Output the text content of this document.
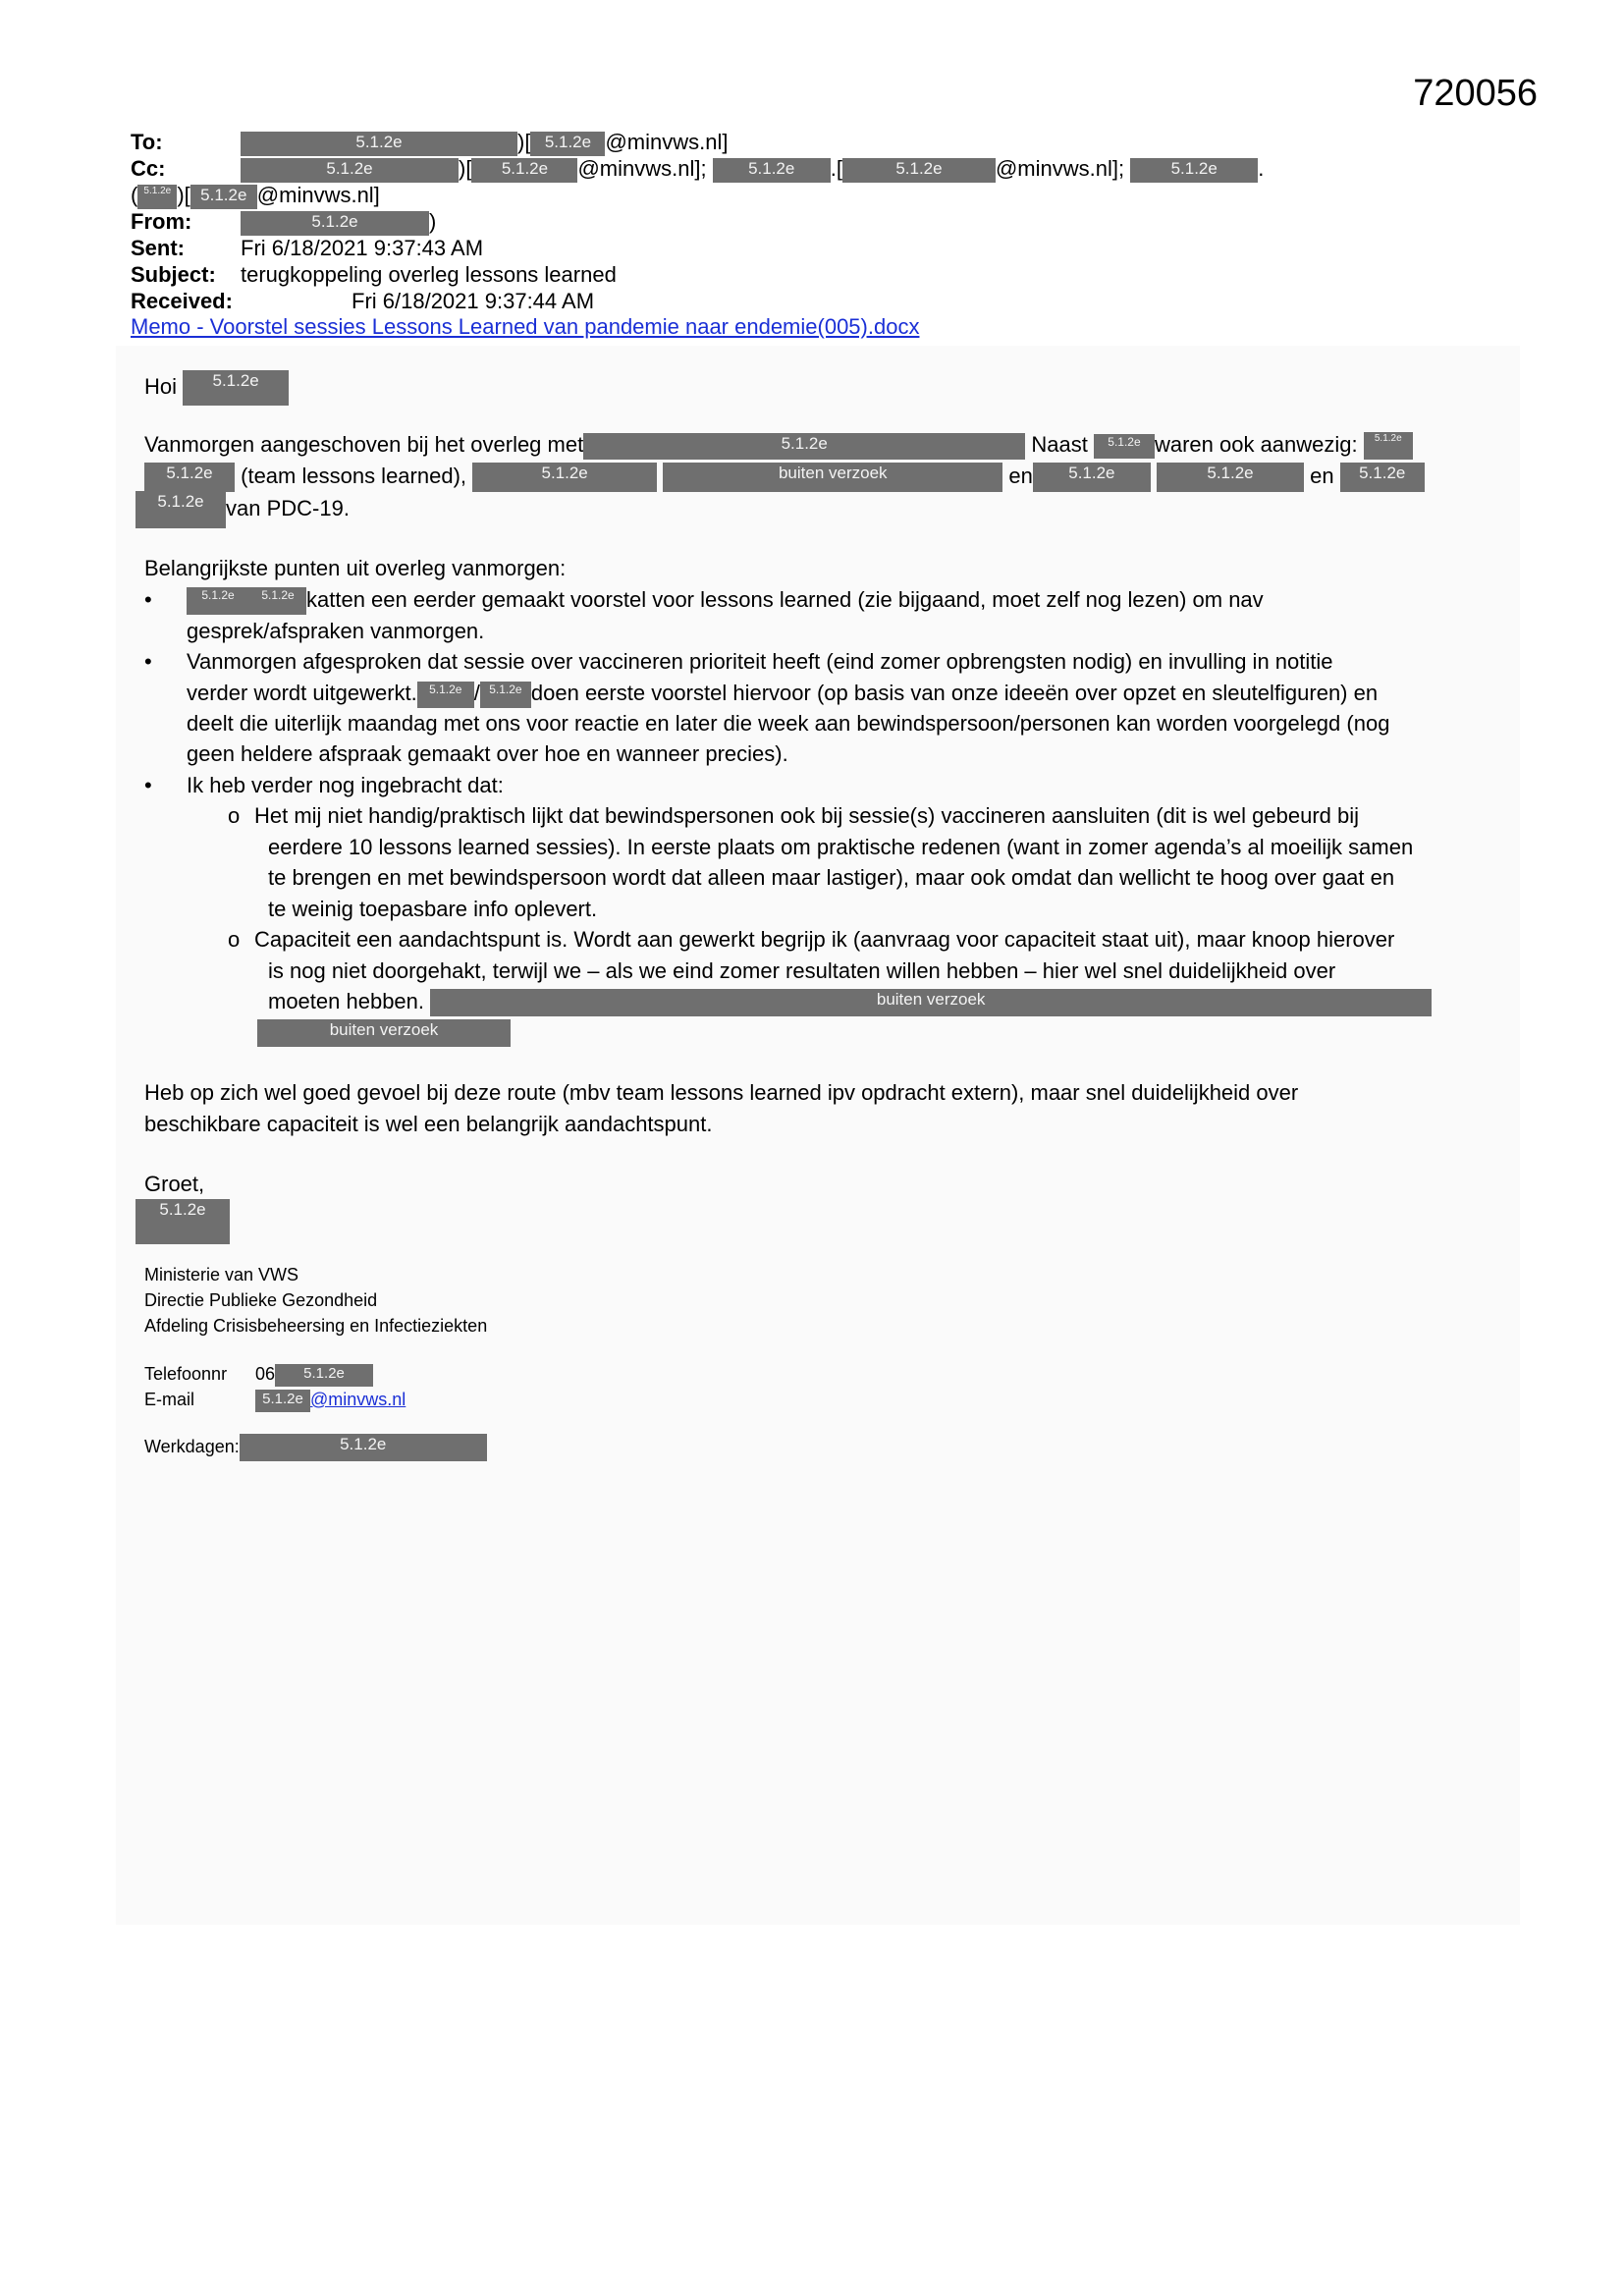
720056
To:	5.1.2e	)[ 5.1.2e @minvws.nl]
Cc:	5.1.2e	)[ 5.1.2e @minvws.nl]; 5.1.2e .[	5.1.2e @minvws.nl];	5.1.2e .
( 5.1.2e )[ 5.1.2e @minvws.nl]
From:	5.1.2e	)
Sent:	Fri 6/18/2021 9:37:43 AM
Subject: terugkoppeling overleg lessons learned
Received:	Fri 6/18/2021 9:37:44 AM
Memo - Voorstel sessies Lessons Learned van pandemie naar endemie(005).docx
Hoi 5.1.2e
Vanmorgen aangeschoven bij het overleg met	5.1.2e	Naast 5.1.2e waren ook aanwezig: 5.1.2e
5.1.2e (team lessons learned),	5.1.2e	buiten verzoek	en 5.1.2e	5.1.2e	en 5.1.2e
5.1.2e van PDC-19.
Belangrijkste punten uit overleg vanmorgen:
•	5.1.2e 5.1.2e katten een eerder gemaakt voorstel voor lessons learned (zie bijgaand, moet zelf nog lezen) om nav
gesprek/afspraken vanmorgen.
• Vanmorgen afgesproken dat sessie over vaccineren prioriteit heeft (eind zomer opbrengsten nodig) en invulling in notitie
verder wordt uitgewerkt. 5.1.2e / 5.1.2e doen eerste voorstel hiervoor (op basis van onze ideeën over opzet en sleutelfiguren) en
deelt die uiterlijk maandag met ons voor reactie en later die week aan bewindspersoon/personen kan worden voorgelegd (nog
geen heldere afspraak gemaakt over hoe en wanneer precies).
• Ik heb verder nog ingebracht dat:
o Het mij niet handig/praktisch lijkt dat bewindspersonen ook bij sessie(s) vaccineren aansluiten (dit is wel gebeurd bij
eerdere 10 lessons learned sessies). In eerste plaats om praktische redenen (want in zomer agenda’s al moeilijk samen
te brengen en met bewindspersoon wordt dat alleen maar lastiger), maar ook omdat dan wellicht te hoog over gaat en
te weinig toepasbare info oplevert.
o Capaciteit een aandachtspunt is. Wordt aan gewerkt begrijp ik (aanvraag voor capaciteit staat uit), maar knoop hierover
is nog niet doorgehakt, terwijl we – als we eind zomer resultaten willen hebben – hier wel snel duidelijkheid over
moeten hebben.	buiten verzoek
buiten verzoek
Heb op zich wel goed gevoel bij deze route (mbv team lessons learned ipv opdracht extern), maar snel duidelijkheid over
beschikbare capaciteit is wel een belangrijk aandachtspunt.
Groet,
5.1.2e
Ministerie van VWS
Directie Publieke Gezondheid
Afdeling Crisisbeheersing en Infectieziekten
Telefoonnr 06 5.1.2e
E-mail	5.1.2e @minvws.nl
Werkdagen:	5.1.2e
